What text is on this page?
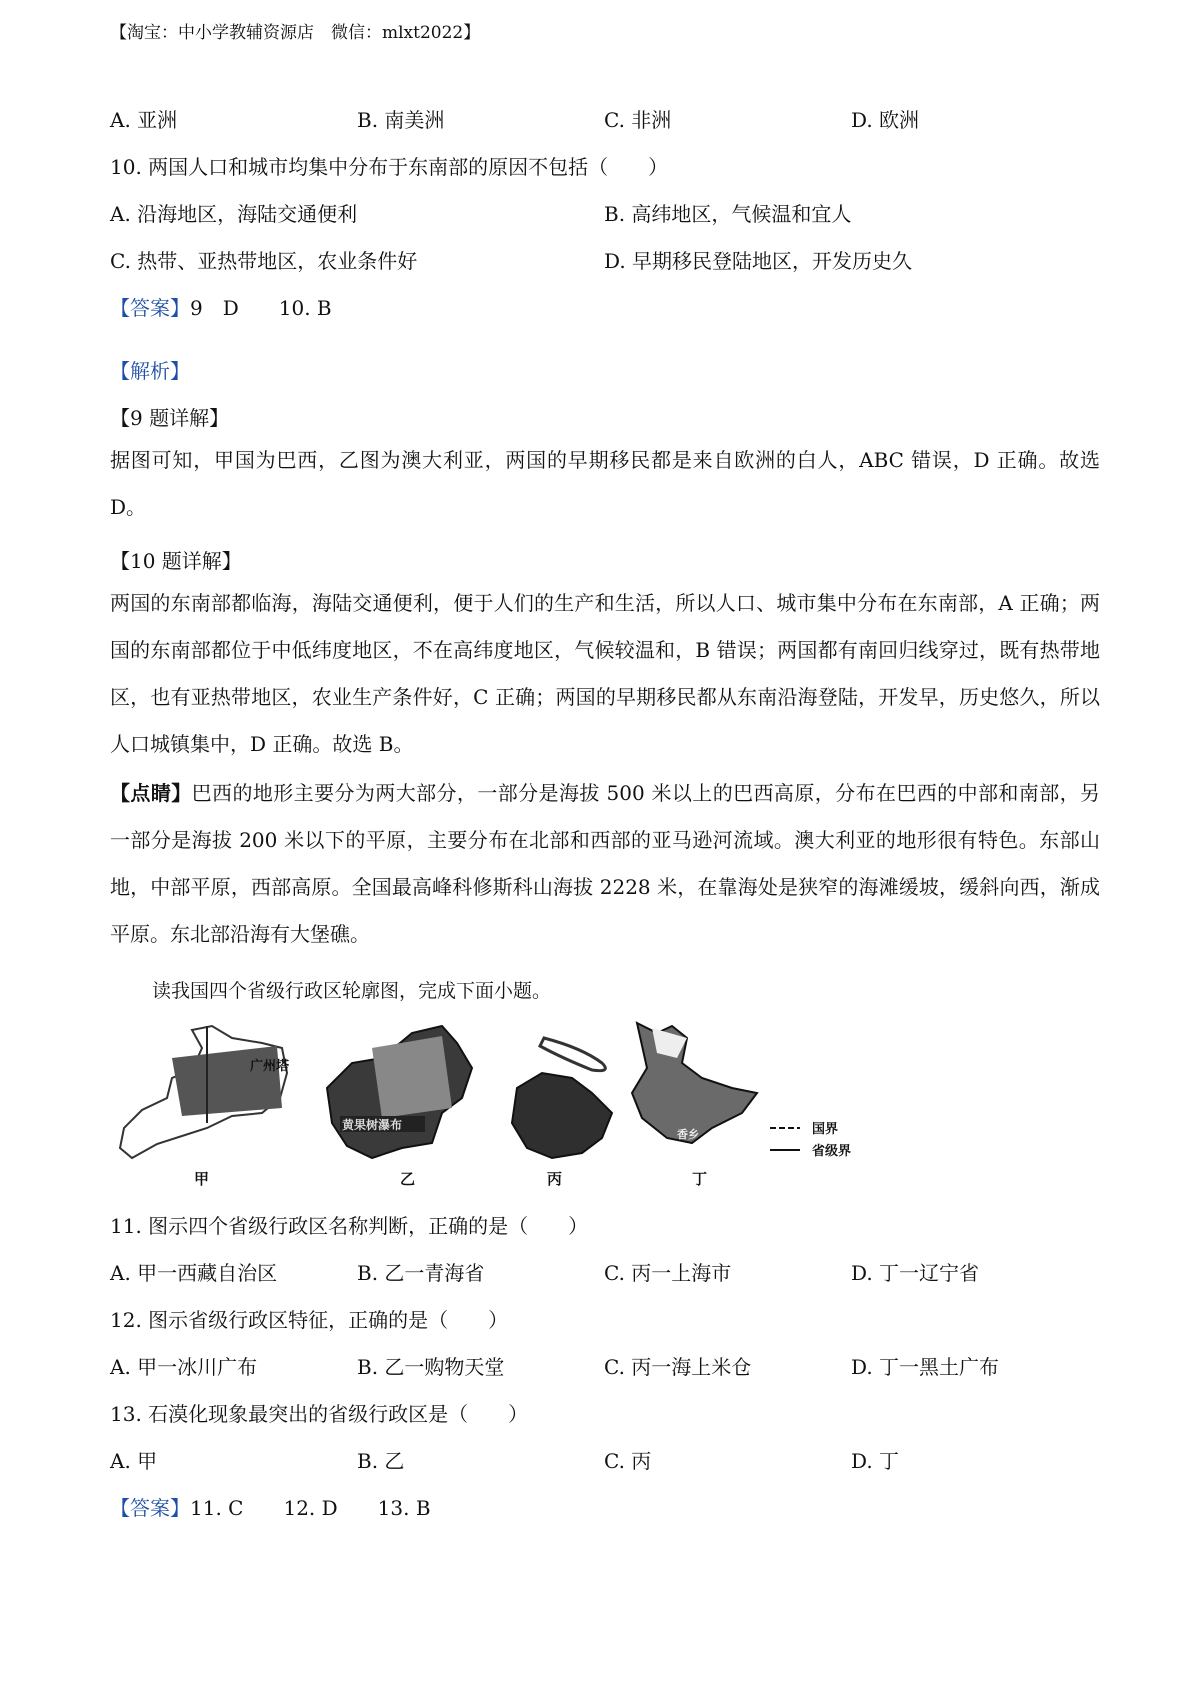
【淘宝：中小学教辅资源店　微信：mlxt2022】
A. 亚洲	B. 南美洲	C. 非洲	D. 欧洲
10. 两国人口和城市均集中分布于东南部的原因不包括（　　）
A. 沿海地区，海陆交通便利	B. 高纬地区，气候温和宜人
C. 热带、亚热带地区，农业条件好	D. 早期移民登陆地区，开发历史久
【答案】9　D　　10. B
【解析】
【9 题详解】
据图可知，甲国为巴西，乙图为澳大利亚，两国的早期移民都是来自欧洲的白人，ABC 错误，D 正确。故选 D。
【10 题详解】
两国的东南部都临海，海陆交通便利，便于人们的生产和生活，所以人口、城市集中分布在东南部，A 正确；两国的东南部都位于中低纬度地区，不在高纬度地区，气候较温和，B 错误；两国都有南回归线穿过，既有热带地区，也有亚热带地区，农业生产条件好，C 正确；两国的早期移民都从东南沿海登陆，开发早，历史悠久，所以人口城镇集中，D 正确。故选 B。
【点睛】巴西的地形主要分为两大部分，一部分是海拔 500 米以上的巴西高原，分布在巴西的中部和南部，另一部分是海拔 200 米以下的平原，主要分布在北部和西部的亚马逊河流域。澳大利亚的地形很有特色。东部山地，中部平原，西部高原。全国最高峰科修斯科山海拔 2228 米，在靠海处是狭窄的海滩缓坡，缓斜向西，渐成平原。东北部沿海有大堡礁。
读我国四个省级行政区轮廓图，完成下面小题。
广州塔
甲
黄果树瀑布
乙	丙
香乡
丁
国界
省级界
11. 图示四个省级行政区名称判断，正确的是（　　）
A. 甲一西藏自治区	B. 乙一青海省	C. 丙一上海市	D. 丁一辽宁省
12. 图示省级行政区特征，正确的是（　　）
A. 甲一冰川广布	B. 乙一购物天堂	C. 丙一海上米仓	D. 丁一黑土广布
13. 石漠化现象最突出的省级行政区是（　　）
A. 甲	B. 乙	C. 丙	D. 丁
【答案】11. C　　12. D　　13. B
